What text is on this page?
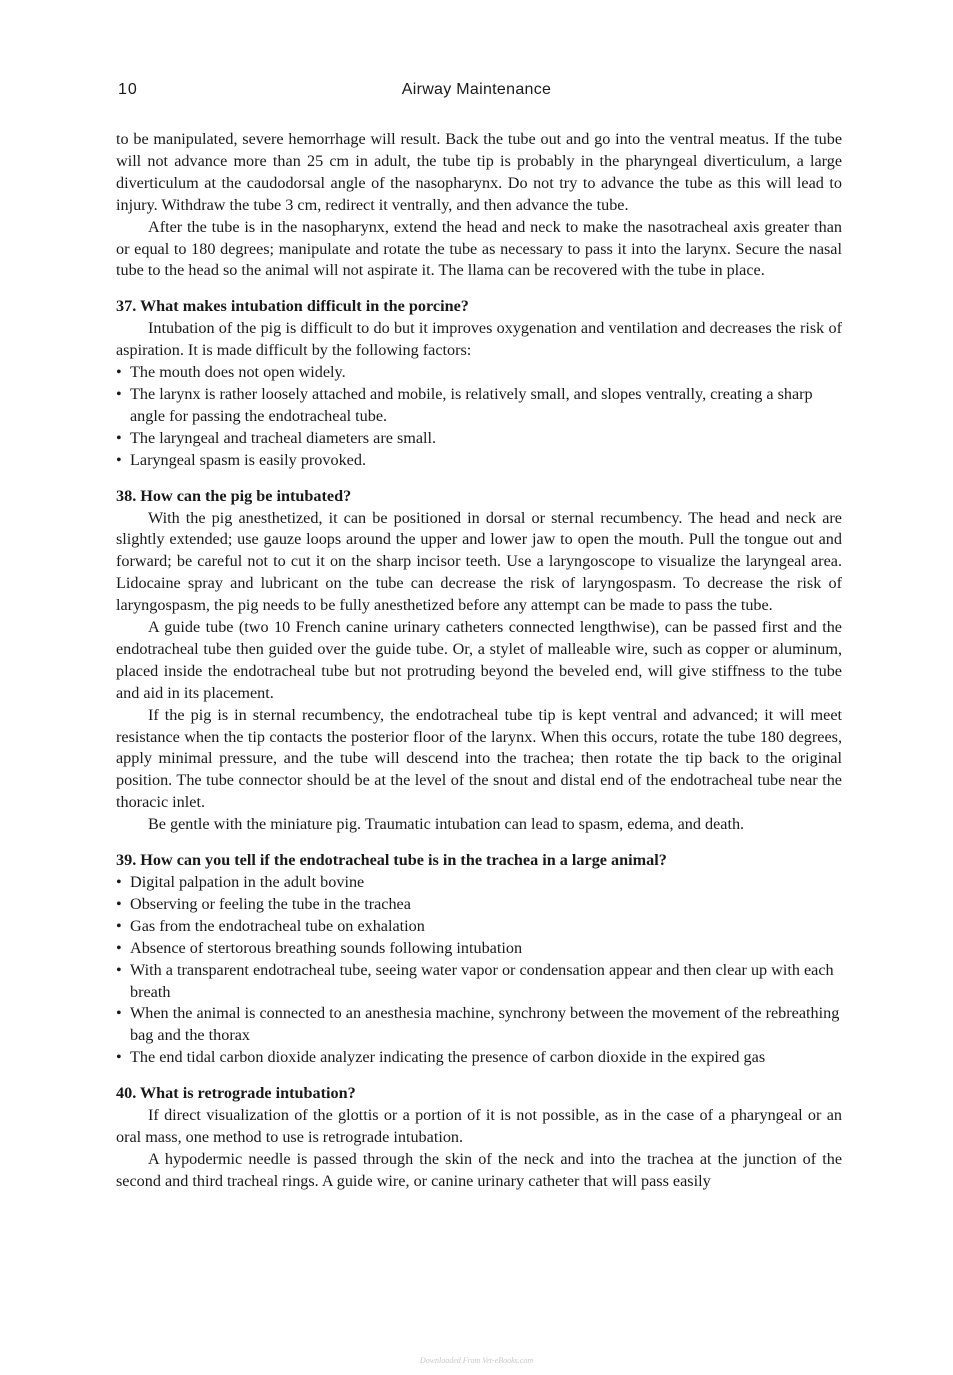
10	Airway Maintenance

to be manipulated, severe hemorrhage will result. Back the tube out and go into the ventral meatus. If the tube will not advance more than 25 cm in adult, the tube tip is probably in the pharyngeal diverticulum, a large diverticulum at the caudodorsal angle of the nasopharynx. Do not try to advance the tube as this will lead to injury. Withdraw the tube 3 cm, redirect it ventrally, and then advance the tube.

After the tube is in the nasopharynx, extend the head and neck to make the nasotracheal axis greater than or equal to 180 degrees; manipulate and rotate the tube as necessary to pass it into the larynx. Secure the nasal tube to the head so the animal will not aspirate it. The llama can be recovered with the tube in place.

37. What makes intubation difficult in the porcine?

Intubation of the pig is difficult to do but it improves oxygenation and ventilation and decreases the risk of aspiration. It is made difficult by the following factors:

• The mouth does not open widely.
• The larynx is rather loosely attached and mobile, is relatively small, and slopes ventrally, creating a sharp angle for passing the endotracheal tube.
• The laryngeal and tracheal diameters are small.
• Laryngeal spasm is easily provoked.

38. How can the pig be intubated?

With the pig anesthetized, it can be positioned in dorsal or sternal recumbency. The head and neck are slightly extended; use gauze loops around the upper and lower jaw to open the mouth. Pull the tongue out and forward; be careful not to cut it on the sharp incisor teeth. Use a laryngoscope to visualize the laryngeal area. Lidocaine spray and lubricant on the tube can decrease the risk of laryngospasm. To decrease the risk of laryngospasm, the pig needs to be fully anesthetized before any attempt can be made to pass the tube.

A guide tube (two 10 French canine urinary catheters connected lengthwise), can be passed first and the endotracheal tube then guided over the guide tube. Or, a stylet of malleable wire, such as copper or aluminum, placed inside the endotracheal tube but not protruding beyond the beveled end, will give stiffness to the tube and aid in its placement.

If the pig is in sternal recumbency, the endotracheal tube tip is kept ventral and advanced; it will meet resistance when the tip contacts the posterior floor of the larynx. When this occurs, rotate the tube 180 degrees, apply minimal pressure, and the tube will descend into the trachea; then rotate the tip back to the original position. The tube connector should be at the level of the snout and distal end of the endotracheal tube near the thoracic inlet.

Be gentle with the miniature pig. Traumatic intubation can lead to spasm, edema, and death.

39. How can you tell if the endotracheal tube is in the trachea in a large animal?

• Digital palpation in the adult bovine
• Observing or feeling the tube in the trachea
• Gas from the endotracheal tube on exhalation
• Absence of stertorous breathing sounds following intubation
• With a transparent endotracheal tube, seeing water vapor or condensation appear and then clear up with each breath
• When the animal is connected to an anesthesia machine, synchrony between the movement of the rebreathing bag and the thorax
• The end tidal carbon dioxide analyzer indicating the presence of carbon dioxide in the expired gas

40. What is retrograde intubation?

If direct visualization of the glottis or a portion of it is not possible, as in the case of a pharyngeal or an oral mass, one method to use is retrograde intubation.

A hypodermic needle is passed through the skin of the neck and into the trachea at the junction of the second and third tracheal rings. A guide wire, or canine urinary catheter that will pass easily

Downloaded From Vet-eBooks.com
